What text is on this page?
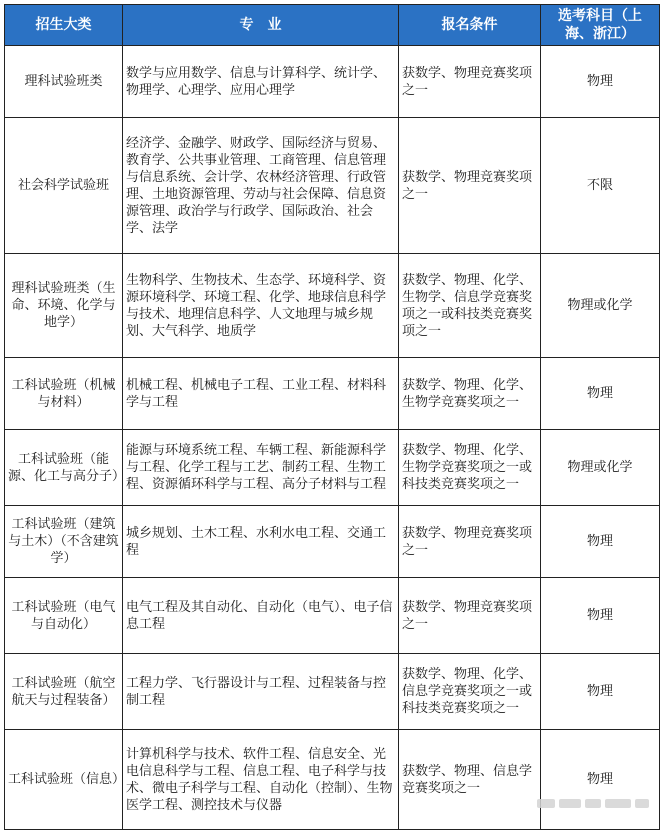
招生大类	专　业	报名条件	选考科目（上海、浙江）
理科试验班类	数学与应用数学、信息与计算科学、统计学、物理学、心理学、应用心理学	获数学、物理竞赛奖项之一	物理
社会科学试验班	经济学、金融学、财政学、国际经济与贸易、教育学、公共事业管理、工商管理、信息管理与信息系统、会计学、农林经济管理、行政管理、土地资源管理、劳动与社会保障、信息资源管理、政治学与行政学、国际政治、社会学、法学	获数学、物理竞赛奖项之一	不限
理科试验班类（生命、环境、化学与地学）	生物科学、生物技术、生态学、环境科学、资源环境科学、环境工程、化学、地球信息科学与技术、地理信息科学、人文地理与城乡规划、大气科学、地质学	获数学、物理、化学、生物学、信息学竞赛奖项之一或科技类竞赛奖项之一	物理或化学
工科试验班（机械与材料）	机械工程、机械电子工程、工业工程、材料科学与工程	获数学、物理、化学、生物学竞赛奖项之一	物理
工科试验班（能源、化工与高分子）	能源与环境系统工程、车辆工程、新能源科学与工程、化学工程与工艺、制药工程、生物工程、资源循环科学与工程、高分子材料与工程	获数学、物理、化学、生物学竞赛奖项之一或科技类竞赛奖项之一	物理或化学
工科试验班（建筑与土木）（不含建筑学）	城乡规划、土木工程、水利水电工程、交通工程	获数学、物理竞赛奖项之一	物理
工科试验班（电气与自动化）	电气工程及其自动化、自动化（电气）、电子信息工程	获数学、物理竞赛奖项之一	物理
工科试验班（航空航天与过程装备）	工程力学、飞行器设计与工程、过程装备与控制工程	获数学、物理、化学、信息学竞赛奖项之一或科技类竞赛奖项之一	物理
工科试验班（信息）	计算机科学与技术、软件工程、信息安全、光电信息科学与工程、信息工程、电子科学与技术、微电子科学与工程、自动化（控制）、生物医学工程、测控技术与仪器	获数学、物理、信息学竞赛奖项之一	物理
